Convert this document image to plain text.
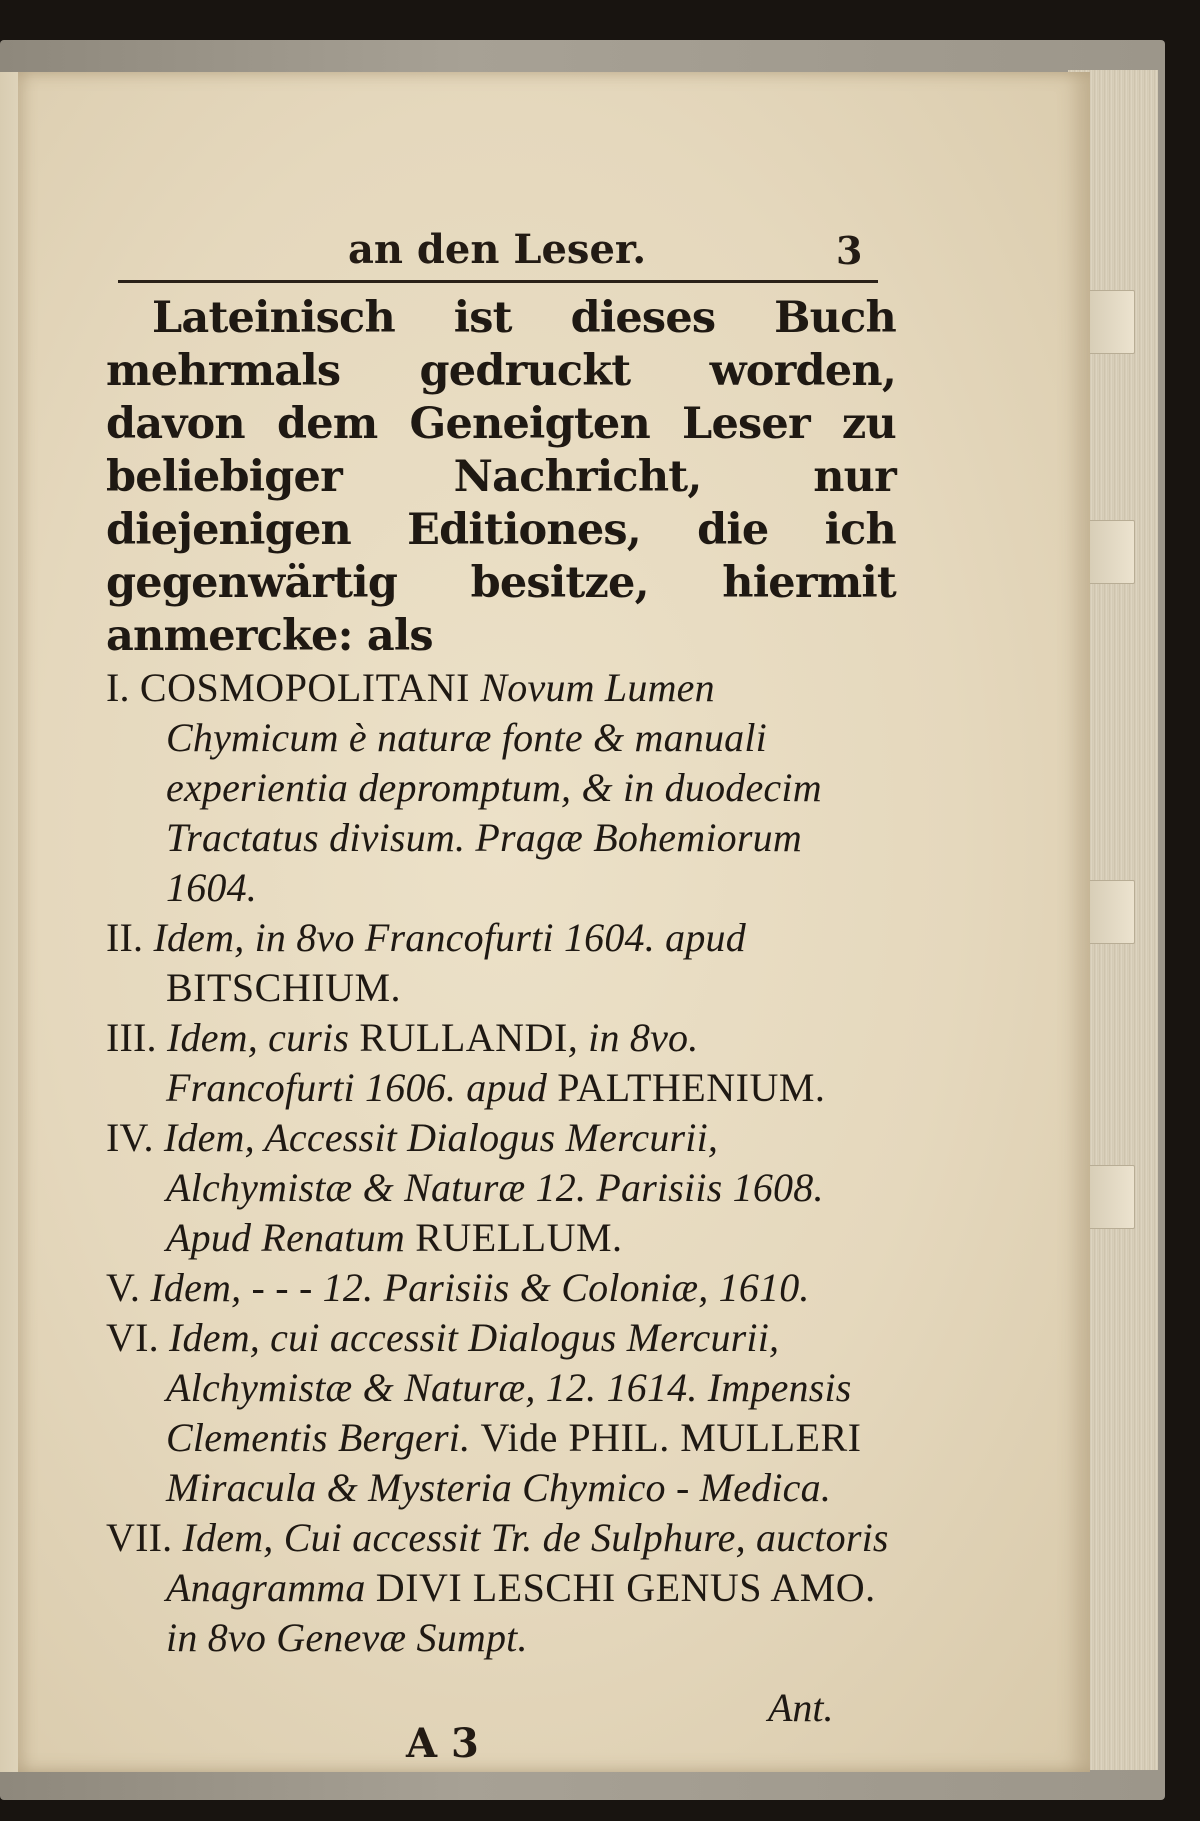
an den Leser.	3

Lateinisch ist dieses Buch mehrmals gedruckt worden, davon dem Geneigten Leser zu beliebiger Nachricht, nur diejenigen Editiones, die ich gegenwärtig besitze, hiermit anmercke: als

I. COSMOPOLITANI Novum Lumen Chymicum è naturæ fonte & manuali experientia depromptum, & in duodecim Tractatus divisum. Pragæ Bohemiorum 1604.

II. Idem, in 8vo Francofurti 1604. apud BITSCHIUM.

III. Idem, curis RULLANDI, in 8vo. Francofurti 1606. apud PALTHENIUM.

IV. Idem, Accessit Dialogus Mercurii, Alchymistæ & Naturæ 12. Parisiis 1608. Apud Renatum RUELLUM.

V. Idem, - - - 12. Parisiis & Coloniæ, 1610.

VI. Idem, cui accessit Dialogus Mercurii, Alchymistæ & Naturæ, 12. 1614. Impensis Clementis Bergeri. Vide PHIL. MULLERI Miracula & Mysteria Chymico - Medica.

VII. Idem, Cui accessit Tr. de Sulphure, auctoris Anagramma DIVI LESCHI GENUS AMO. in 8vo Genevæ Sumpt.

Ant.
A 3
